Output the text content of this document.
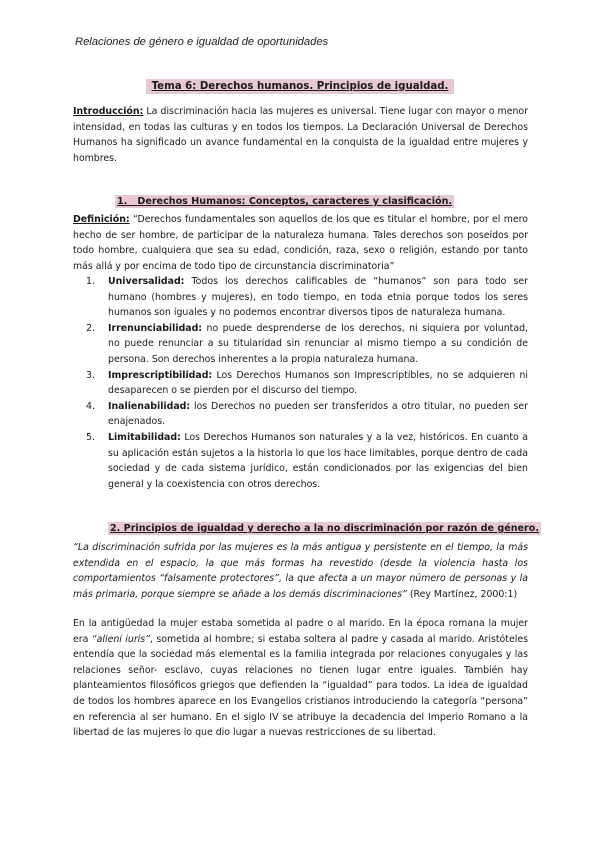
Relaciones de género e igualdad de oportunidades
Tema 6: Derechos humanos. Principios de igualdad.

Introducción: La discriminación hacia las mujeres es universal. Tiene lugar con mayor o menor intensidad, en todas las culturas y en todos los tiempos. La Declaración Universal de Derechos Humanos ha significado un avance fundamental en la conquista de la igualdad entre mujeres y hombres.

1. Derechos Humanos: Conceptos, caracteres y clasificación.

Definición: “Derechos fundamentales son aquellos de los que es titular el hombre, por el mero hecho de ser hombre, de participar de la naturaleza humana. Tales derechos son poseídos por todo hombre, cualquiera que sea su edad, condición, raza, sexo o religión, estando por tanto más allá y por encima de todo tipo de circunstancia discriminatoria”

1. Universalidad: Todos los derechos calificables de “humanos” son para todo ser humano (hombres y mujeres), en todo tiempo, en toda etnia porque todos los seres humanos son iguales y no podemos encontrar diversos tipos de naturaleza humana.
2. Irrenunciabilidad: no puede desprenderse de los derechos, ni siquiera por voluntad, no puede renunciar a su titularidad sin renunciar al mismo tiempo a su condición de persona. Son derechos inherentes a la propia naturaleza humana.
3. Imprescriptibilidad: Los Derechos Humanos son Imprescriptibles, no se adquieren ni desaparecen o se pierden por el discurso del tiempo.
4. Inalienabilidad: los Derechos no pueden ser transferidos a otro titular, no pueden ser enajenados.
5. Limitabilidad: Los Derechos Humanos son naturales y a la vez, históricos. En cuanto a su aplicación están sujetos a la historia lo que los hace limitables, porque dentro de cada sociedad y de cada sistema jurídico, están condicionados por las exigencias del bien general y la coexistencia con otros derechos.
2. Principios de igualdad y derecho a la no discriminación por razón de género.

“La discriminación sufrida por las mujeres es la más antigua y persistente en el tiempo, la más extendida en el espacio, la que más formas ha revestido (desde la violencia hasta los comportamientos “falsamente protectores”, la que afecta a un mayor número de personas y la más primaria, porque siempre se añade a los demás discriminaciones” (Rey Martínez, 2000:1)

En la antigüedad la mujer estaba sometida al padre o al marido. En la época romana la mujer era “alieni iuris”, sometida al hombre; si estaba soltera al padre y casada al marido. Aristóteles entendía que la sociedad más elemental es la familia integrada por relaciones conyugales y las relaciones señor- esclavo, cuyas relaciones no tienen lugar entre iguales. También hay planteamientos filosóficos griegos que defienden la “igualdad” para todos. La idea de igualdad de todos los hombres aparece en los Evangelios cristianos introduciendo la categoría “persona” en referencia al ser humano. En el siglo IV se atribuye la decadencia del Imperio Romano a la libertad de las mujeres lo que dio lugar a nuevas restricciones de su libertad.
